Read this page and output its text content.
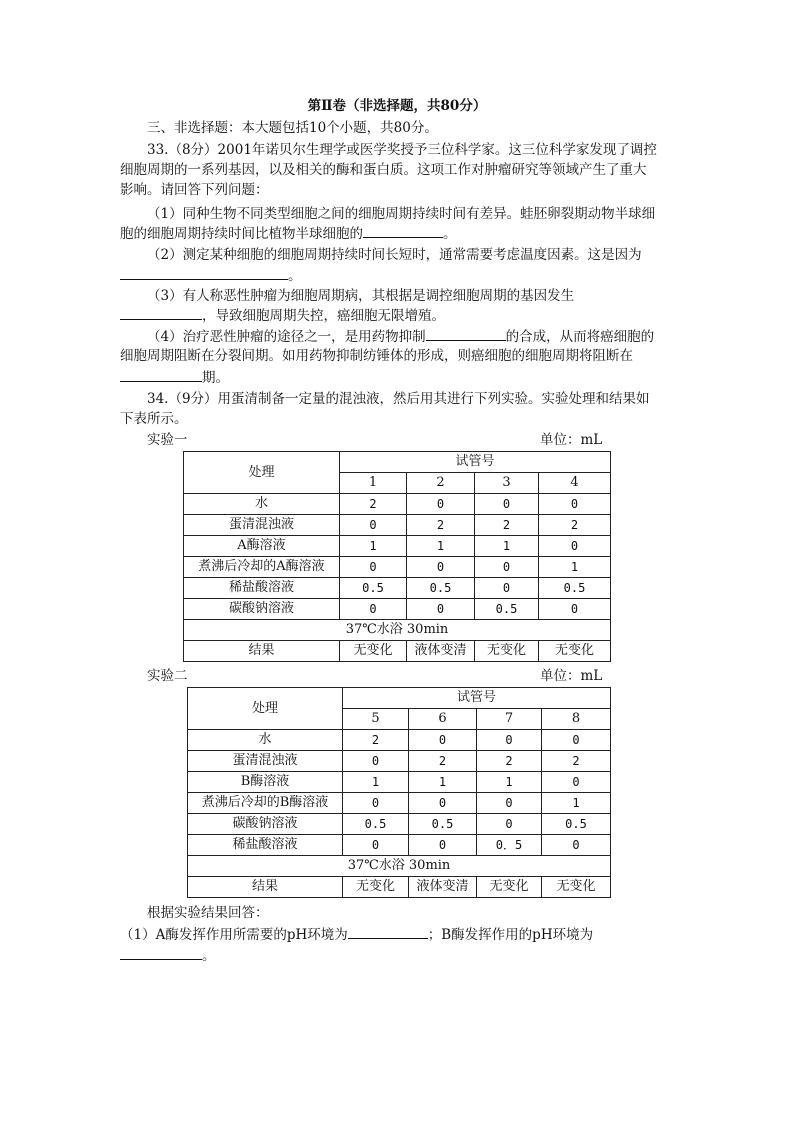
第Ⅱ卷（非选择题，共80分）
三、非选择题：本大题包括10个小题，共80分。
33.（8分）2001年诺贝尔生理学或医学奖授予三位科学家。这三位科学家发现了调控
细胞周期的一系列基因，以及相关的酶和蛋白质。这项工作对肿瘤研究等领域产生了重大
影响。请回答下列问题：
（1）同种生物不同类型细胞之间的细胞周期持续时间有差异。蛙胚卵裂期动物半球细
胞的细胞周期持续时间比植物半球细胞的	。
（2）测定某种细胞的细胞周期持续时间长短时，通常需要考虑温度因素。这是因为
。
（3）有人称恶性肿瘤为细胞周期病，其根据是调控细胞周期的基因发生
，导致细胞周期失控，癌细胞无限增殖。
（4）治疗恶性肿瘤的途径之一，是用药物抑制	的合成，从而将癌细胞的
细胞周期阻断在分裂间期。如用药物抑制纺锤体的形成，则癌细胞的细胞周期将阻断在
期。
34.（9分）用蛋清制备一定量的混浊液，然后用其进行下列实验。实验处理和结果如
下表所示。
实验一	单位：mL
处理	试管号			
	1	2	3	4
水	2	0	0	0
蛋清混浊液	0	2	2	2
A酶溶液	1	1	1	0
煮沸后冷却的A酶溶液	0	0	0	1
稀盐酸溶液	0.5	0.5	0	0.5
碳酸钠溶液	0	0	0.5	0
37℃水浴 30min				
结果	无变化	液体变清	无变化	无变化
实验二	单位：mL
处理	试管号			
	5	6	7	8
水	2	0	0	0
蛋清混浊液	0	2	2	2
B酶溶液	1	1	1	0
煮沸后冷却的B酶溶液	0	0	0	1
碳酸钠溶液	0.5	0.5	0	0.5
稀盐酸溶液	0	0	0．5	0
37℃水浴 30min				
结果	无变化	液体变清	无变化	无变化
根据实验结果回答：
（1）A酶发挥作用所需要的pH环境为	；B酶发挥作用的pH环境为
。
